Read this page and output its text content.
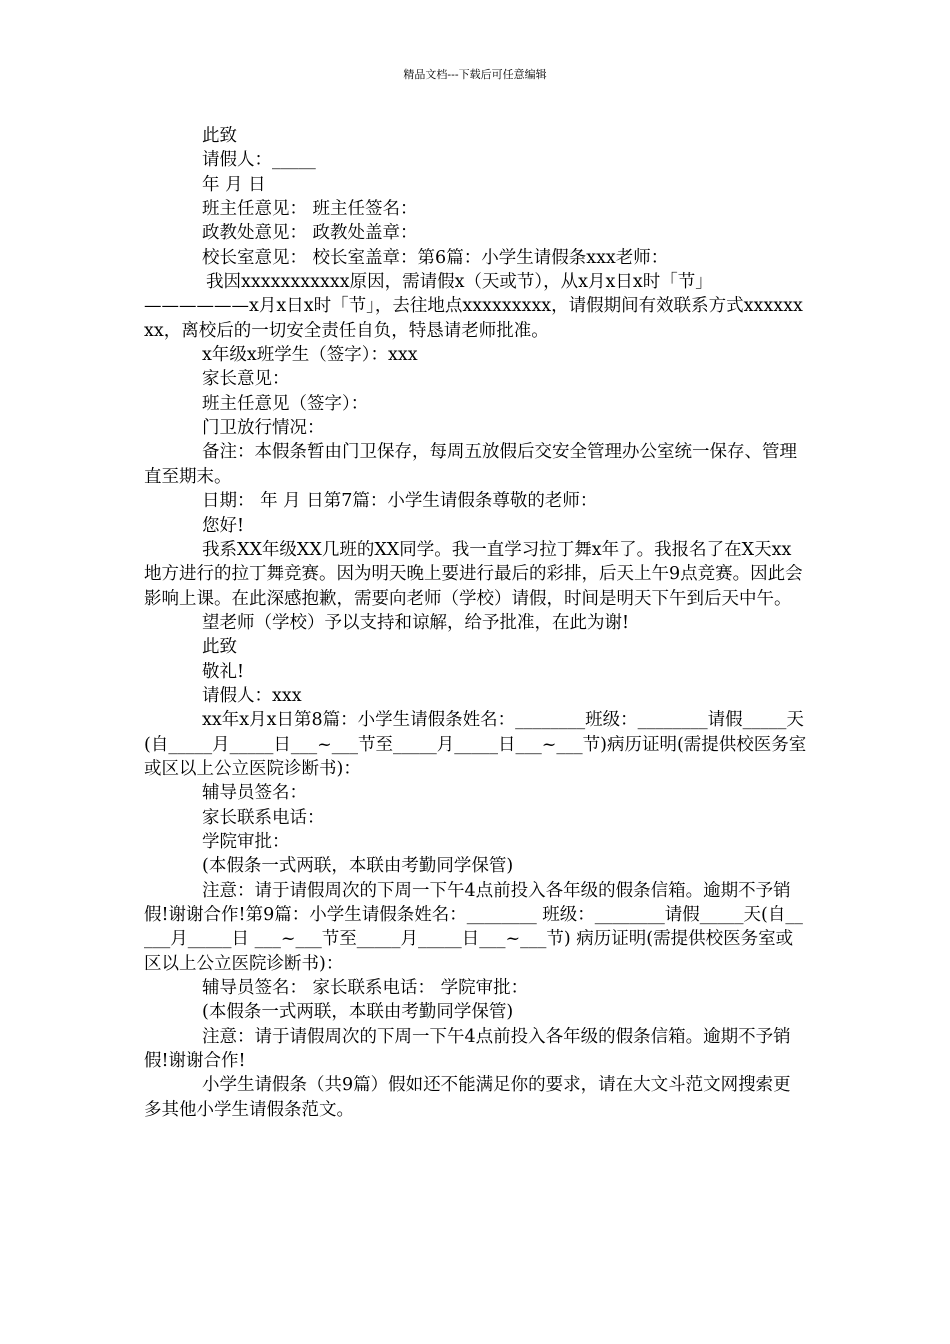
精品文档---下载后可任意编辑

此致

请假人：_____

年 月 日

班主任意见： 班主任签名：

政教处意见： 政教处盖章：

校长室意见： 校长室盖章：第6篇：小学生请假条xxx老师：

我因xxxxxxxxxxx原因，需请假x（天或节），从x月x日x时「节」——————x月x日x时「节」，去往地点xxxxxxxxx，请假期间有效联系方式xxxxxxxx，离校后的一切安全责任自负，特恳请老师批准。

x年级x班学生（签字）：xxx

家长意见：

班主任意见（签字）：

门卫放行情况：

备注：本假条暂由门卫保存，每周五放假后交安全管理办公室统一保存、管理直至期末。

日期： 年 月 日第7篇：小学生请假条尊敬的老师：

您好!

我系XX年级XX几班的XX同学。我一直学习拉丁舞x年了。我报名了在X天xx地方进行的拉丁舞竞赛。因为明天晚上要进行最后的彩排，后天上午9点竞赛。因此会影响上课。在此深感抱歉，需要向老师（学校）请假，时间是明天下午到后天中午。

望老师（学校）予以支持和谅解，给予批准，在此为谢!

此致

敬礼!

请假人：xxx

xx年x月x日第8篇：小学生请假条姓名：________班级：________请假_____天(自_____月_____日___~___节至_____月_____日___~___节)病历证明(需提供校医务室或区以上公立医院诊断书)：

辅导员签名：

家长联系电话：

学院审批：

(本假条一式两联，本联由考勤同学保管)

注意：请于请假周次的下周一下午4点前投入各年级的假条信箱。逾期不予销假!谢谢合作!第9篇：小学生请假条姓名：________ 班级：________请假_____天(自_____月_____日 ___~___节至_____月_____日___~___节) 病历证明(需提供校医务室或区以上公立医院诊断书)：

辅导员签名： 家长联系电话： 学院审批：

(本假条一式两联，本联由考勤同学保管)

注意：请于请假周次的下周一下午4点前投入各年级的假条信箱。逾期不予销假!谢谢合作!

小学生请假条（共9篇）假如还不能满足你的要求，请在大文斗范文网搜索更多其他小学生请假条范文。
